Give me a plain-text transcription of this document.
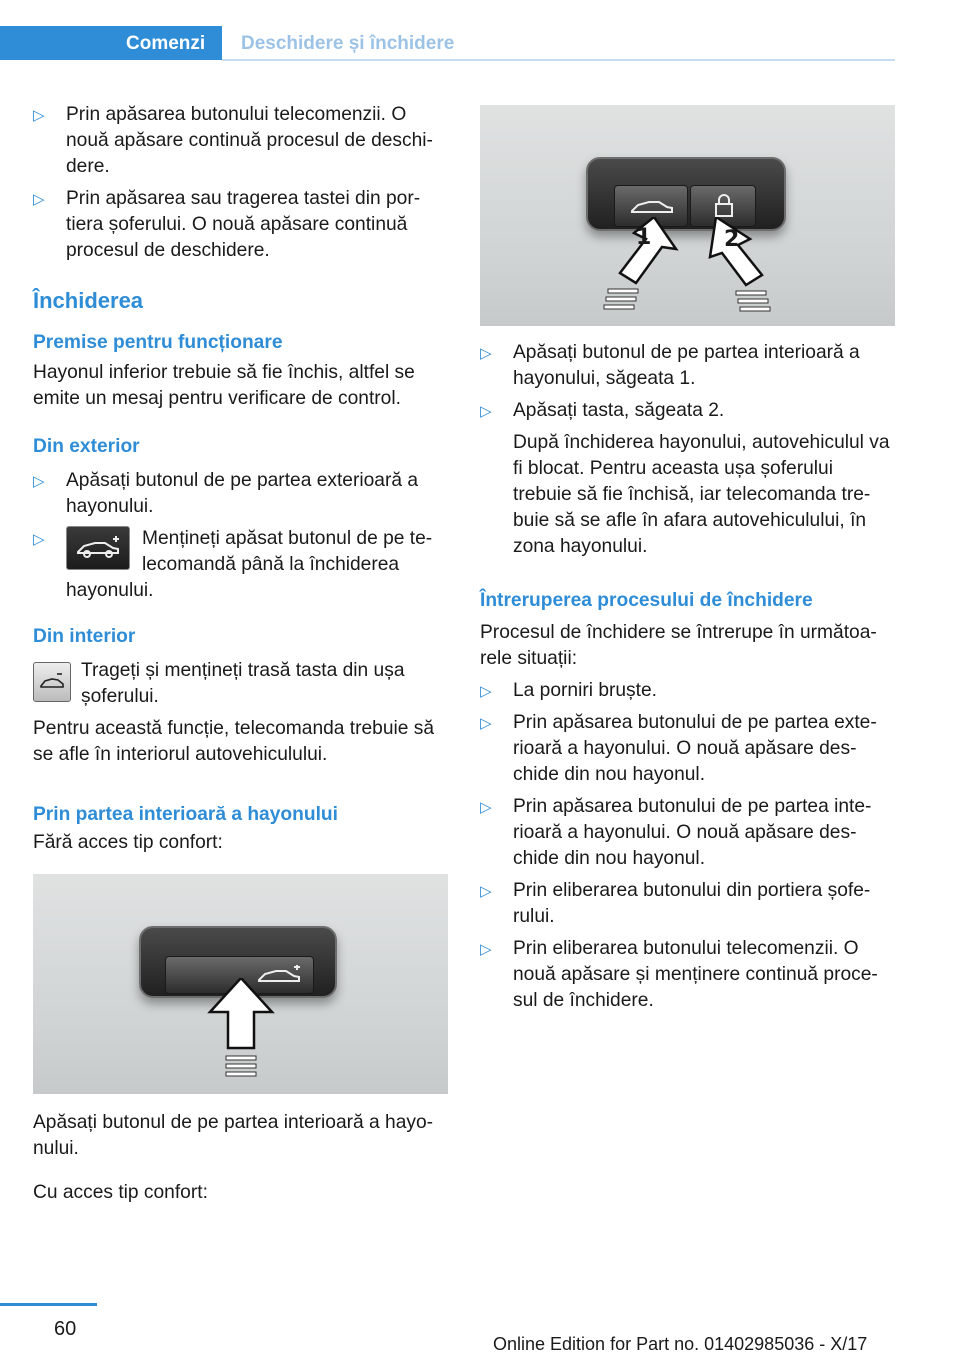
Comenzi	Deschidere și închidere
▷ Prin apăsarea butonului telecomenzii. O nouă apăsare continuă procesul de deschi‐dere.
▷ Prin apăsarea sau tragerea tastei din por‐tiera șoferului. O nouă apăsare continuă procesul de deschidere.
Închiderea
Premise pentru funcționare
Hayonul inferior trebuie să fie închis, altfel se emite un mesaj pentru verificare de control.
Din exterior
▷ Apăsați butonul de pe partea exterioară a hayonului.
▷	Mențineți apăsat butonul de pe te‐lecomandă până la închiderea hayonului.
Din interior
Trageți și mențineți trasă tasta din ușa șoferului.
Pentru această funcție, telecomanda trebuie să se afle în interiorul autovehiculului.
Prin partea interioară a hayonului
Fără acces tip confort:
Apăsați butonul de pe partea interioară a hayo‐nului.
Cu acces tip confort:
1	2
▷ Apăsați butonul de pe partea interioară a hayonului, săgeata 1.
▷ Apăsați tasta, săgeata 2.
După închiderea hayonului, autovehiculul va fi blocat. Pentru aceasta ușa șoferului trebuie să fie închisă, iar telecomanda tre‐buie să se afle în afara autovehiculului, în zona hayonului.
Întreruperea procesului de închidere
Procesul de închidere se întrerupe în următoa‐rele situații:
▷ La porniri bruște.
▷ Prin apăsarea butonului de pe partea exte‐rioară a hayonului. O nouă apăsare des‐chide din nou hayonul.
▷ Prin apăsarea butonului de pe partea inte‐rioară a hayonului. O nouă apăsare des‐chide din nou hayonul.
▷ Prin eliberarea butonului din portiera șofe‐rului.
▷ Prin eliberarea butonului telecomenzii. O nouă apăsare și menținere continuă proce‐sul de închidere.
60
Online Edition for Part no. 01402985036 - X/17
